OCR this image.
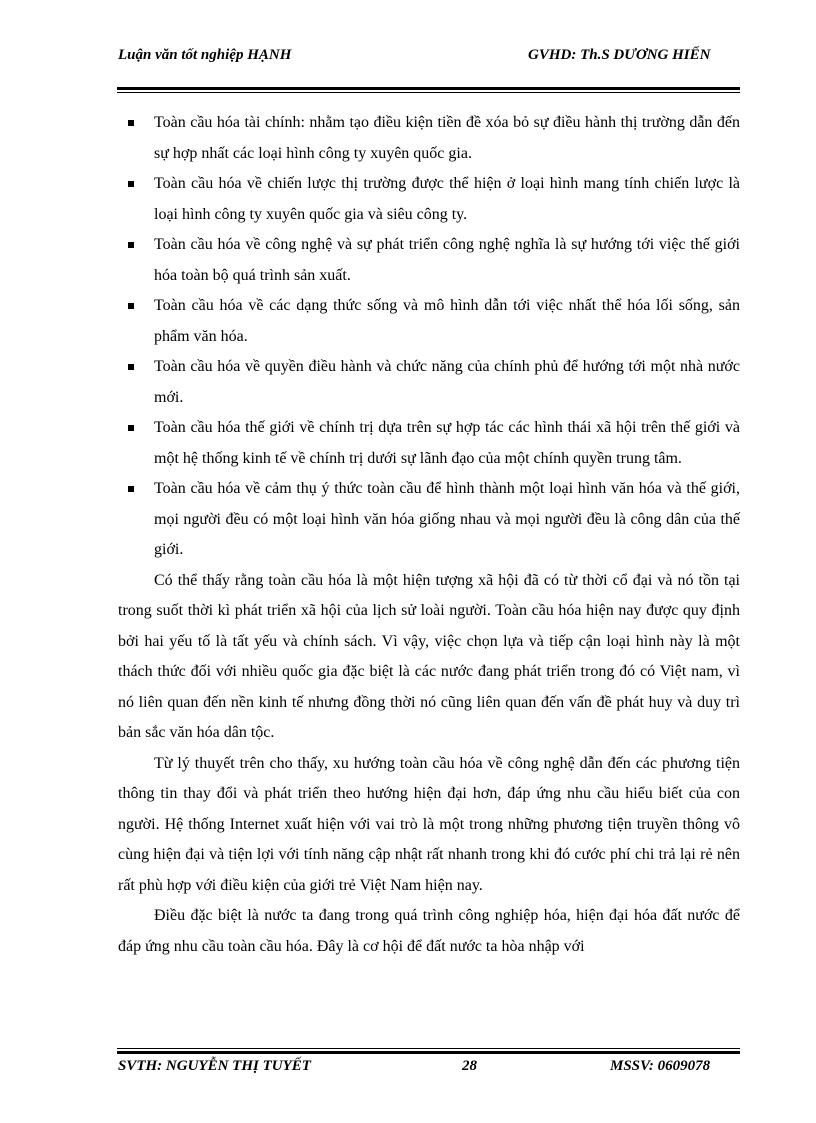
Luận văn tốt nghiệp HẠNH	GVHD: Th.S DƯƠNG HIỂN
Toàn cầu hóa tài chính: nhằm tạo điều kiện tiền đề xóa bỏ sự điều hành thị trường dẫn đến sự hợp nhất các loại hình công ty xuyên quốc gia.
Toàn cầu hóa về chiến lược thị trường được thể hiện ở loại hình mang tính chiến lược là loại hình công ty xuyên quốc gia và siêu công ty.
Toàn cầu hóa về công nghệ và sự phát triển công nghệ nghĩa là sự hướng tới việc thế giới hóa toàn bộ quá trình sản xuất.
Toàn cầu hóa về các dạng thức sống và mô hình dẫn tới việc nhất thể hóa lối sống, sản phẩm văn hóa.
Toàn cầu hóa về quyền điều hành và chức năng của chính phủ để hướng tới một nhà nước mới.
Toàn cầu hóa thế giới về chính trị dựa trên sự hợp tác các hình thái xã hội trên thế giới và một hệ thống kinh tế về chính trị dưới sự lãnh đạo của một chính quyền trung tâm.
Toàn cầu hóa về cảm thụ ý thức toàn cầu để hình thành một loại hình văn hóa và thế giới, mọi người đều có một loại hình văn hóa giống nhau và mọi người đều là công dân của thế giới.

Có thể thấy rằng toàn cầu hóa là một hiện tượng xã hội đã có từ thời cổ đại và nó tồn tại trong suốt thời kì phát triển xã hội của lịch sử loài người. Toàn cầu hóa hiện nay được quy định bởi hai yếu tố là tất yếu và chính sách. Vì vậy, việc chọn lựa và tiếp cận loại hình này là một thách thức đối với nhiều quốc gia đặc biệt là các nước đang phát triển trong đó có Việt nam, vì nó liên quan đến nền kinh tế nhưng đồng thời nó cũng liên quan đến vấn đề phát huy và duy trì bản sắc văn hóa dân tộc.

Từ lý thuyết trên cho thấy, xu hướng toàn cầu hóa về công nghệ dẫn đến các phương tiện thông tin thay đổi và phát triển theo hướng hiện đại hơn, đáp ứng nhu cầu hiểu biết của con người. Hệ thống Internet xuất hiện với vai trò là một trong những phương tiện truyền thông vô cùng hiện đại và tiện lợi với tính năng cập nhật rất nhanh trong khi đó cước phí chi trả lại rẻ nên rất phù hợp với điều kiện của giới trẻ Việt Nam hiện nay.

Điều đặc biệt là nước ta đang trong quá trình công nghiệp hóa, hiện đại hóa đất nước để đáp ứng nhu cầu toàn cầu hóa. Đây là cơ hội để đất nước ta hòa nhập với

SVTH: NGUYỄN THỊ TUYẾT	28	MSSV: 0609078
